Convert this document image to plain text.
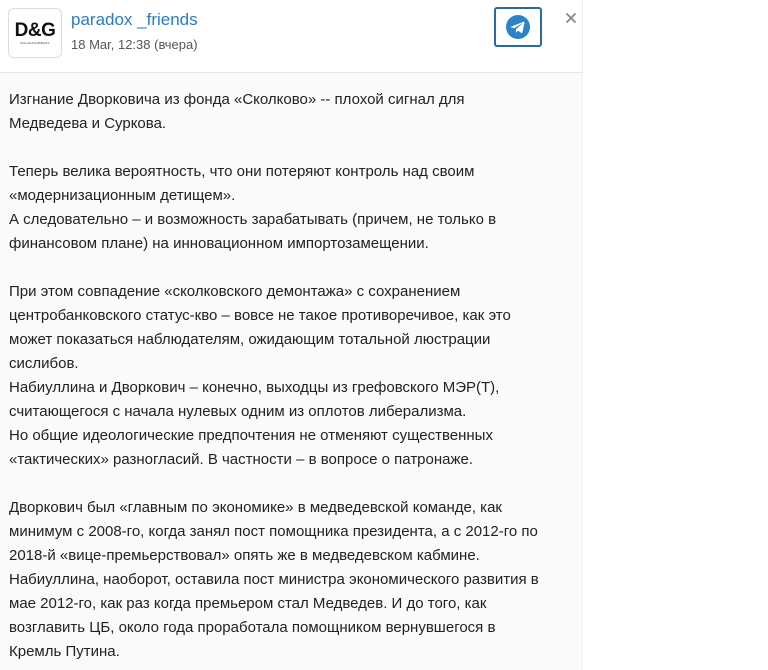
D&G
DOLCE&GABBANA
paradox _friends
18 Mar, 12:38 (вчера)

Изгнание Дворковича из фонда «Сколково» -- плохой сигнал для

Медведева и Суркова.

Теперь велика вероятность, что они потеряют контроль над своим

«модернизационным детищем».

А следовательно – и возможность зарабатывать (причем, не только в

финансовом плане) на инновационном импортозамещении.

При этом совпадение «сколковского демонтажа» с сохранением

центробанковского статус-кво – вовсе не такое противоречивое, как это

может показаться наблюдателям, ожидающим тотальной люстрации

сислибов.

Набиуллина и Дворкович – конечно, выходцы из грефовского МЭР(Т),

считающегося с начала нулевых одним из оплотов либерализма.

Но общие идеологические предпочтения не отменяют существенных

«тактических» разногласий. В частности – в вопросе о патронаже.

Дворкович был «главным по экономике» в медведевской команде, как

минимум с 2008-го, когда занял пост помощника президента, а с 2012-го по

2018-й «вице-премьерствовал» опять же в медведевском кабмине.

Набиуллина, наоборот, оставила пост министра экономического развития в

мае 2012-го, как раз когда премьером стал Медведев. И до того, как

возглавить ЦБ, около года проработала помощником вернувшегося в

Кремль Путина.
